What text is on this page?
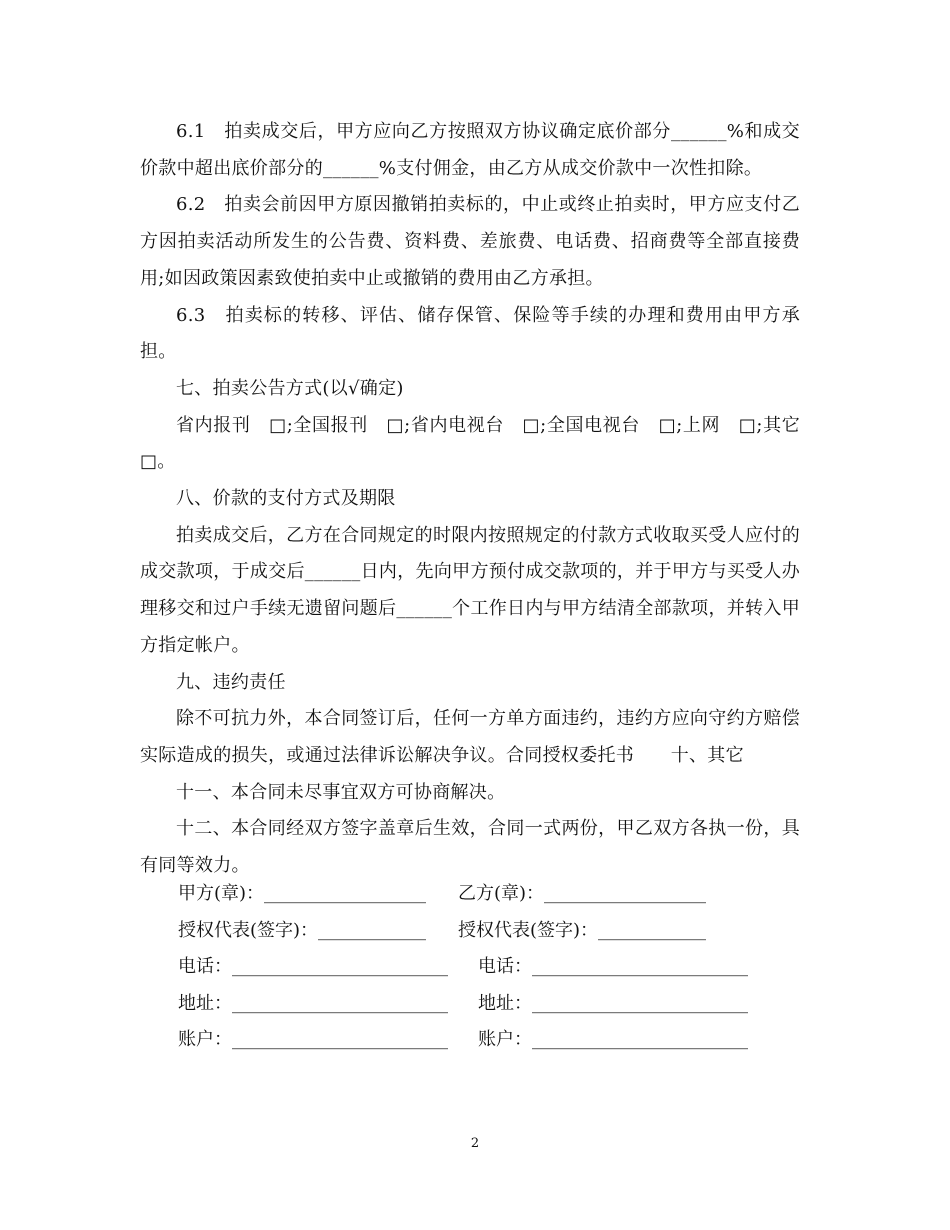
6.1　拍卖成交后，甲方应向乙方按照双方协议确定底价部分______%和成交价款中超出底价部分的______%支付佣金，由乙方从成交价款中一次性扣除。

6.2　拍卖会前因甲方原因撤销拍卖标的，中止或终止拍卖时，甲方应支付乙方因拍卖活动所发生的公告费、资料费、差旅费、电话费、招商费等全部直接费用;如因政策因素致使拍卖中止或撤销的费用由乙方承担。

6.3　拍卖标的转移、评估、储存保管、保险等手续的办理和费用由甲方承担。

七、拍卖公告方式(以√确定)

省内报刊　□;全国报刊　□;省内电视台　□;全国电视台　□;上网　□;其它　□。

八、价款的支付方式及期限

拍卖成交后，乙方在合同规定的时限内按照规定的付款方式收取买受人应付的成交款项，于成交后______日内，先向甲方预付成交款项的，并于甲方与买受人办理移交和过户手续无遗留问题后______个工作日内与甲方结清全部款项，并转入甲方指定帐户。

九、违约责任

除不可抗力外，本合同签订后，任何一方单方面违约，违约方应向守约方赔偿实际造成的损失，或通过法律诉讼解决争议。合同授权委托书　　十、其它

十一、本合同未尽事宜双方可协商解决。

十二、本合同经双方签字盖章后生效，合同一式两份，甲乙双方各执一份，具有同等效力。

甲方(章)：__________________

乙方(章)：__________________

授权代表(签字)：____________

授权代表(签字)：____________

电话：________________________

电话：________________________

地址：________________________

地址：________________________

账户：________________________

账户：________________________

2
